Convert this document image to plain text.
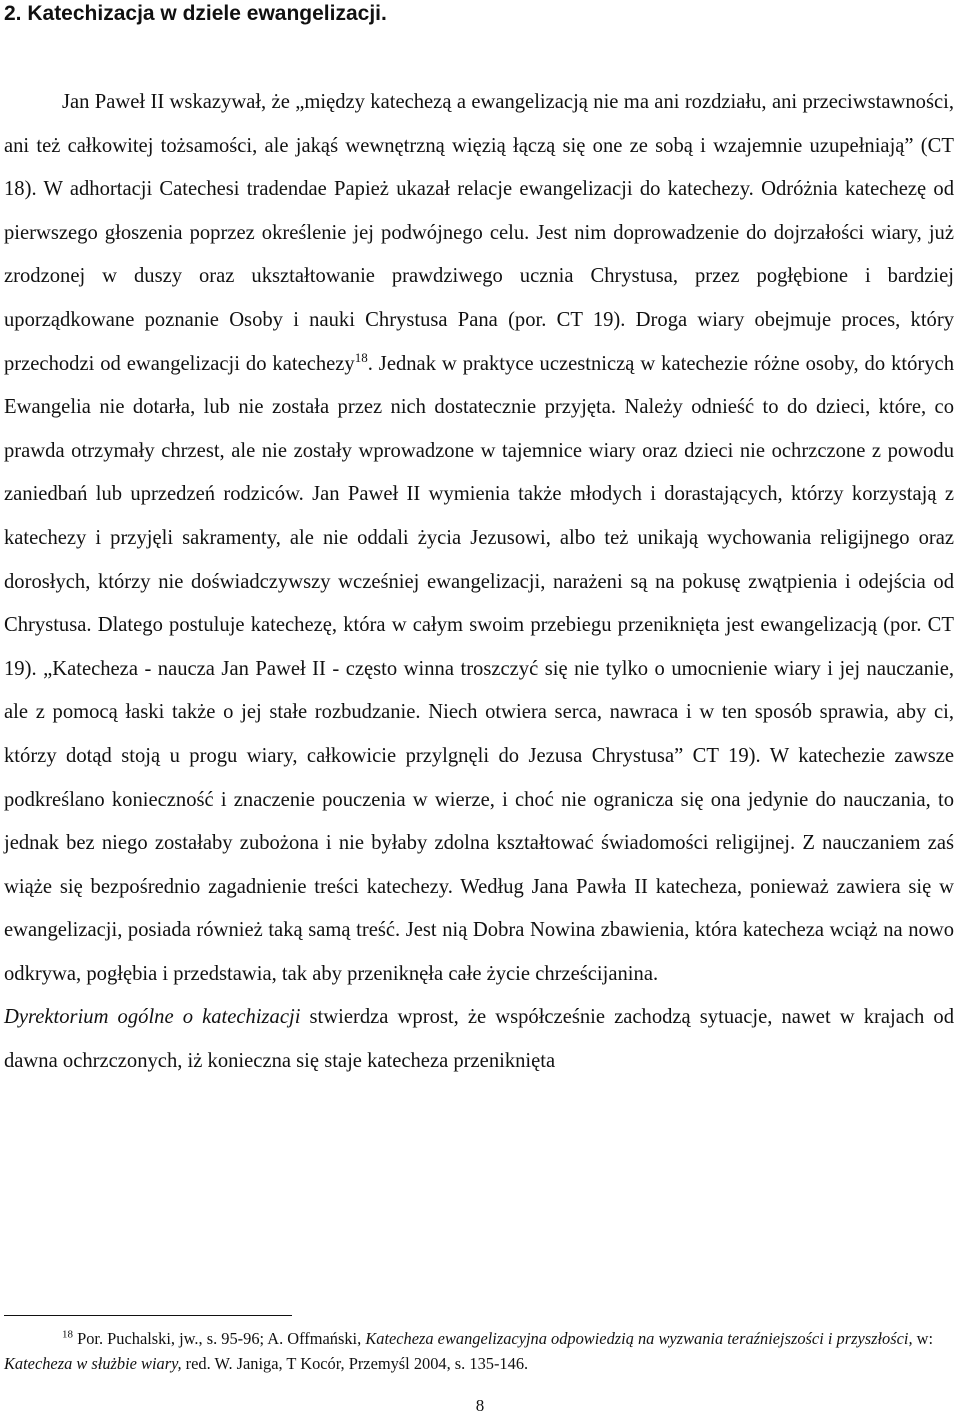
2. Katechizacja w dziele ewangelizacji.

Jan Paweł II wskazywał, że „między katechezą a ewangelizacją nie ma ani rozdziału, ani przeciwstawności, ani też całkowitej tożsamości, ale jakąś wewnętrzną więzią łączą się one ze sobą i wzajemnie uzupełniają” (CT 18). W adhortacji Catechesi tradendae Papież ukazał relacje ewangelizacji do katechezy. Odróżnia katechezę od pierwszego głoszenia poprzez określenie jej podwójnego celu. Jest nim doprowadzenie do dojrzałości wiary, już zrodzonej w duszy oraz ukształtowanie prawdziwego ucznia Chrystusa, przez pogłębione i bardziej uporządkowane poznanie Osoby i nauki Chrystusa Pana (por. CT 19). Droga wiary obejmuje proces, który przechodzi od ewangelizacji do katechezy$^{18}$. Jednak w praktyce uczestniczą w katechezie różne osoby, do których Ewangelia nie dotarła, lub nie została przez nich dostatecznie przyjęta. Należy odnieść to do dzieci, które, co prawda otrzymały chrzest, ale nie zostały wprowadzone w tajemnice wiary oraz dzieci nie ochrzczone z powodu zaniedbań lub uprzedzeń rodziców. Jan Paweł II wymienia także młodych i dorastających, którzy korzystają z katechezy i przyjęli sakramenty, ale nie oddali życia Jezusowi, albo też unikają wychowania religijnego oraz dorosłych, którzy nie doświadczywszy wcześniej ewangelizacji, narażeni są na pokusę zwątpienia i odejścia od Chrystusa. Dlatego postuluje katechezę, która w całym swoim przebiegu przeniknięta jest ewangelizacją (por. CT 19). „Katecheza - naucza Jan Paweł II - często winna troszczyć się nie tylko o umocnienie wiary i jej nauczanie, ale z pomocą łaski także o jej stałe rozbudzanie. Niech otwiera serca, nawraca i w ten sposób sprawia, aby ci, którzy dotąd stoją u progu wiary, całkowicie przylgnęli do Jezusa Chrystusa” CT 19). W katechezie zawsze podkreślano konieczność i znaczenie pouczenia w wierze, i choć nie ogranicza się ona jedynie do nauczania, to jednak bez niego zostałaby zubożona i nie byłaby zdolna kształtować świadomości religijnej. Z nauczaniem zaś wiąże się bezpośrednio zagadnienie treści katechezy. Według Jana Pawła II katecheza, ponieważ zawiera się w ewangelizacji, posiada również taką samą treść. Jest nią Dobra Nowina zbawienia, która katecheza wciąż na nowo odkrywa, pogłębia i przedstawia, tak aby przeniknęła całe życie chrześcijanina.

Dyrektorium ogólne o katechizacji stwierdza wprost, że współcześnie zachodzą sytuacje, nawet w krajach od dawna ochrzczonych, iż konieczna się staje katecheza przeniknięta

$^{18}$ Por. Puchalski, jw., s. 95-96; A. Offmański, Katecheza ewangelizacyjna odpowiedzią na wyzwania teraźniejszości i przyszłości, w: Katecheza w służbie wiary, red. W. Janiga, T Kocór, Przemyśl 2004, s. 135-146.

8
